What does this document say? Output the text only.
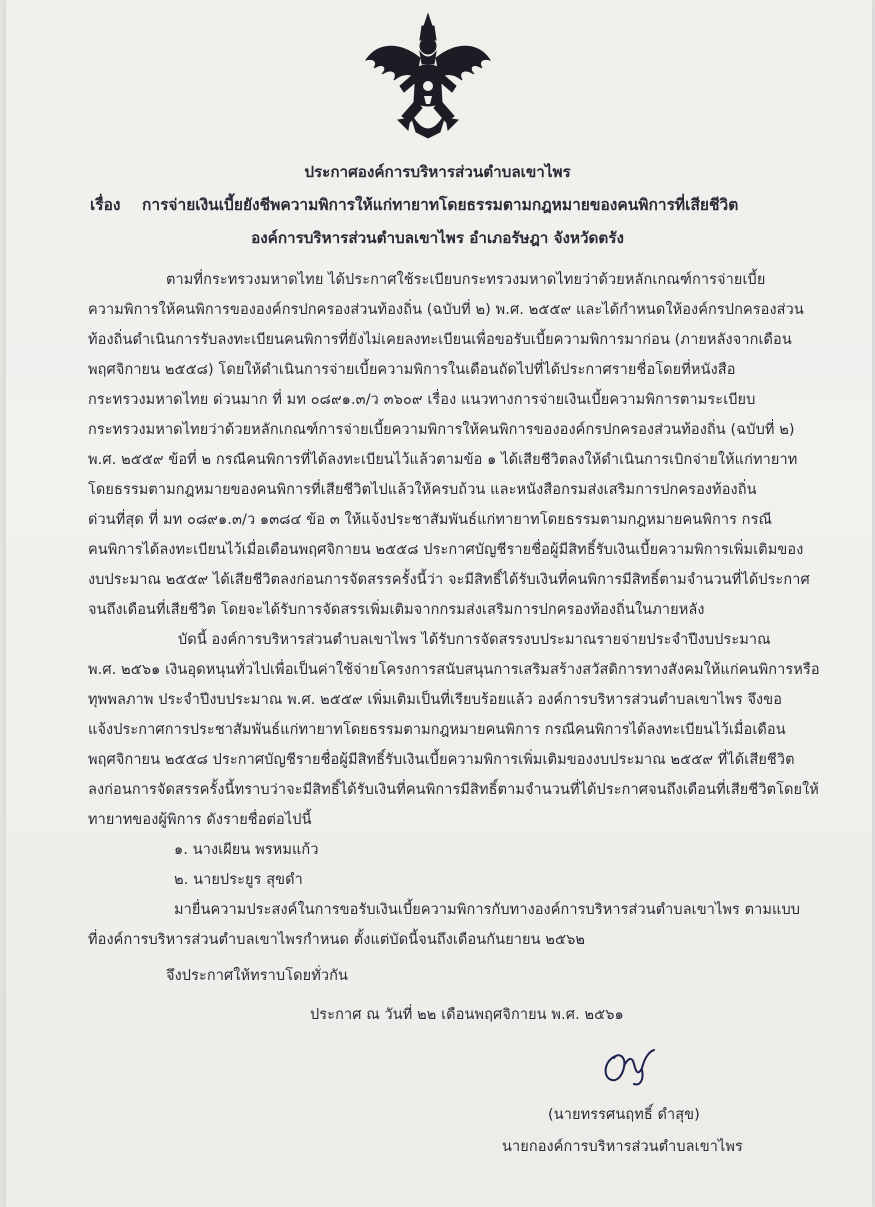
ประกาศองค์การบริหารส่วนตำบลเขาไพร
เรื่อง การจ่ายเงินเบี้ยยังชีพความพิการให้แก่ทายาทโดยธรรมตามกฎหมายของคนพิการที่เสียชีวิต
องค์การบริหารส่วนตำบลเขาไพร อำเภอรัษฎา จังหวัดตรัง
ตามที่กระทรวงมหาดไทย ได้ประกาศใช้ระเบียบกระทรวงมหาดไทยว่าด้วยหลักเกณฑ์การจ่ายเบี้ย
ความพิการให้คนพิการขององค์กรปกครองส่วนท้องถิ่น (ฉบับที่ ๒) พ.ศ. ๒๕๕๙ และได้กำหนดให้องค์กรปกครองส่วน
ท้องถิ่นดำเนินการรับลงทะเบียนคนพิการที่ยังไม่เคยลงทะเบียนเพื่อขอรับเบี้ยความพิการมาก่อน (ภายหลังจากเดือน
พฤศจิกายน ๒๕๕๘) โดยให้ดำเนินการจ่ายเบี้ยความพิการในเดือนถัดไปที่ได้ประกาศรายชื่อโดยที่หนังสือ
กระทรวงมหาดไทย ด่วนมาก ที่ มท ๐๘๙๑.๓/ว ๓๖๐๙ เรื่อง แนวทางการจ่ายเงินเบี้ยความพิการตามระเบียบ
กระทรวงมหาดไทยว่าด้วยหลักเกณฑ์การจ่ายเบี้ยความพิการให้คนพิการขององค์กรปกครองส่วนท้องถิ่น (ฉบับที่ ๒)
พ.ศ. ๒๕๕๙ ข้อที่ ๒ กรณีคนพิการที่ได้ลงทะเบียนไว้แล้วตามข้อ ๑ ได้เสียชีวิตลงให้ดำเนินการเบิกจ่ายให้แก่ทายาท
โดยธรรมตามกฎหมายของคนพิการที่เสียชีวิตไปแล้วให้ครบถ้วน และหนังสือกรมส่งเสริมการปกครองท้องถิ่น
ด่วนที่สุด ที่ มท ๐๘๙๑.๓/ว ๑๓๘๔ ข้อ ๓ ให้แจ้งประชาสัมพันธ์แก่ทายาทโดยธรรมตามกฎหมายคนพิการ กรณี
คนพิการได้ลงทะเบียนไว้เมื่อเดือนพฤศจิกายน ๒๕๕๘ ประกาศบัญชีรายชื่อผู้มีสิทธิ์รับเงินเบี้ยความพิการเพิ่มเติมของ
งบประมาณ ๒๕๕๙ ได้เสียชีวิตลงก่อนการจัดสรรครั้งนี้ว่า จะมีสิทธิ์ได้รับเงินที่คนพิการมีสิทธิ์ตามจำนวนที่ได้ประกาศ
จนถึงเดือนที่เสียชีวิต โดยจะได้รับการจัดสรรเพิ่มเติมจากกรมส่งเสริมการปกครองท้องถิ่นในภายหลัง
บัดนี้ องค์การบริหารส่วนตำบลเขาไพร ได้รับการจัดสรรงบประมาณรายจ่ายประจำปีงบประมาณ
พ.ศ. ๒๕๖๑ เงินอุดหนุนทั่วไปเพื่อเป็นค่าใช้จ่ายโครงการสนับสนุนการเสริมสร้างสวัสดิการทางสังคมให้แก่คนพิการหรือ
ทุพพลภาพ ประจำปีงบประมาณ พ.ศ. ๒๕๕๙ เพิ่มเติมเป็นที่เรียบร้อยแล้ว องค์การบริหารส่วนตำบลเขาไพร จึงขอ
แจ้งประกาศการประชาสัมพันธ์แก่ทายาทโดยธรรมตามกฎหมายคนพิการ กรณีคนพิการได้ลงทะเบียนไว้เมื่อเดือน
พฤศจิกายน ๒๕๕๘ ประกาศบัญชีรายชื่อผู้มีสิทธิ์รับเงินเบี้ยความพิการเพิ่มเติมของงบประมาณ ๒๕๕๙ ที่ได้เสียชีวิต
ลงก่อนการจัดสรรครั้งนี้ทราบว่าจะมีสิทธิ์ได้รับเงินที่คนพิการมีสิทธิ์ตามจำนวนที่ได้ประกาศจนถึงเดือนที่เสียชีวิตโดยให้
ทายาทของผู้พิการ ดังรายชื่อต่อไปนี้
๑. นางเผียน พรหมแก้ว
๒. นายประยูร สุขดำ
มายื่นความประสงค์ในการขอรับเงินเบี้ยความพิการกับทางองค์การบริหารส่วนตำบลเขาไพร ตามแบบ
ที่องค์การบริหารส่วนตำบลเขาไพรกำหนด ตั้งแต่บัดนี้จนถึงเดือนกันยายน ๒๕๖๒
จึงประกาศให้ทราบโดยทั่วกัน
ประกาศ ณ วันที่ ๒๒ เดือนพฤศจิกายน พ.ศ. ๒๕๖๑
(นายทรรศนฤทธิ์ ดำสุข)
นายกองค์การบริหารส่วนตำบลเขาไพร
